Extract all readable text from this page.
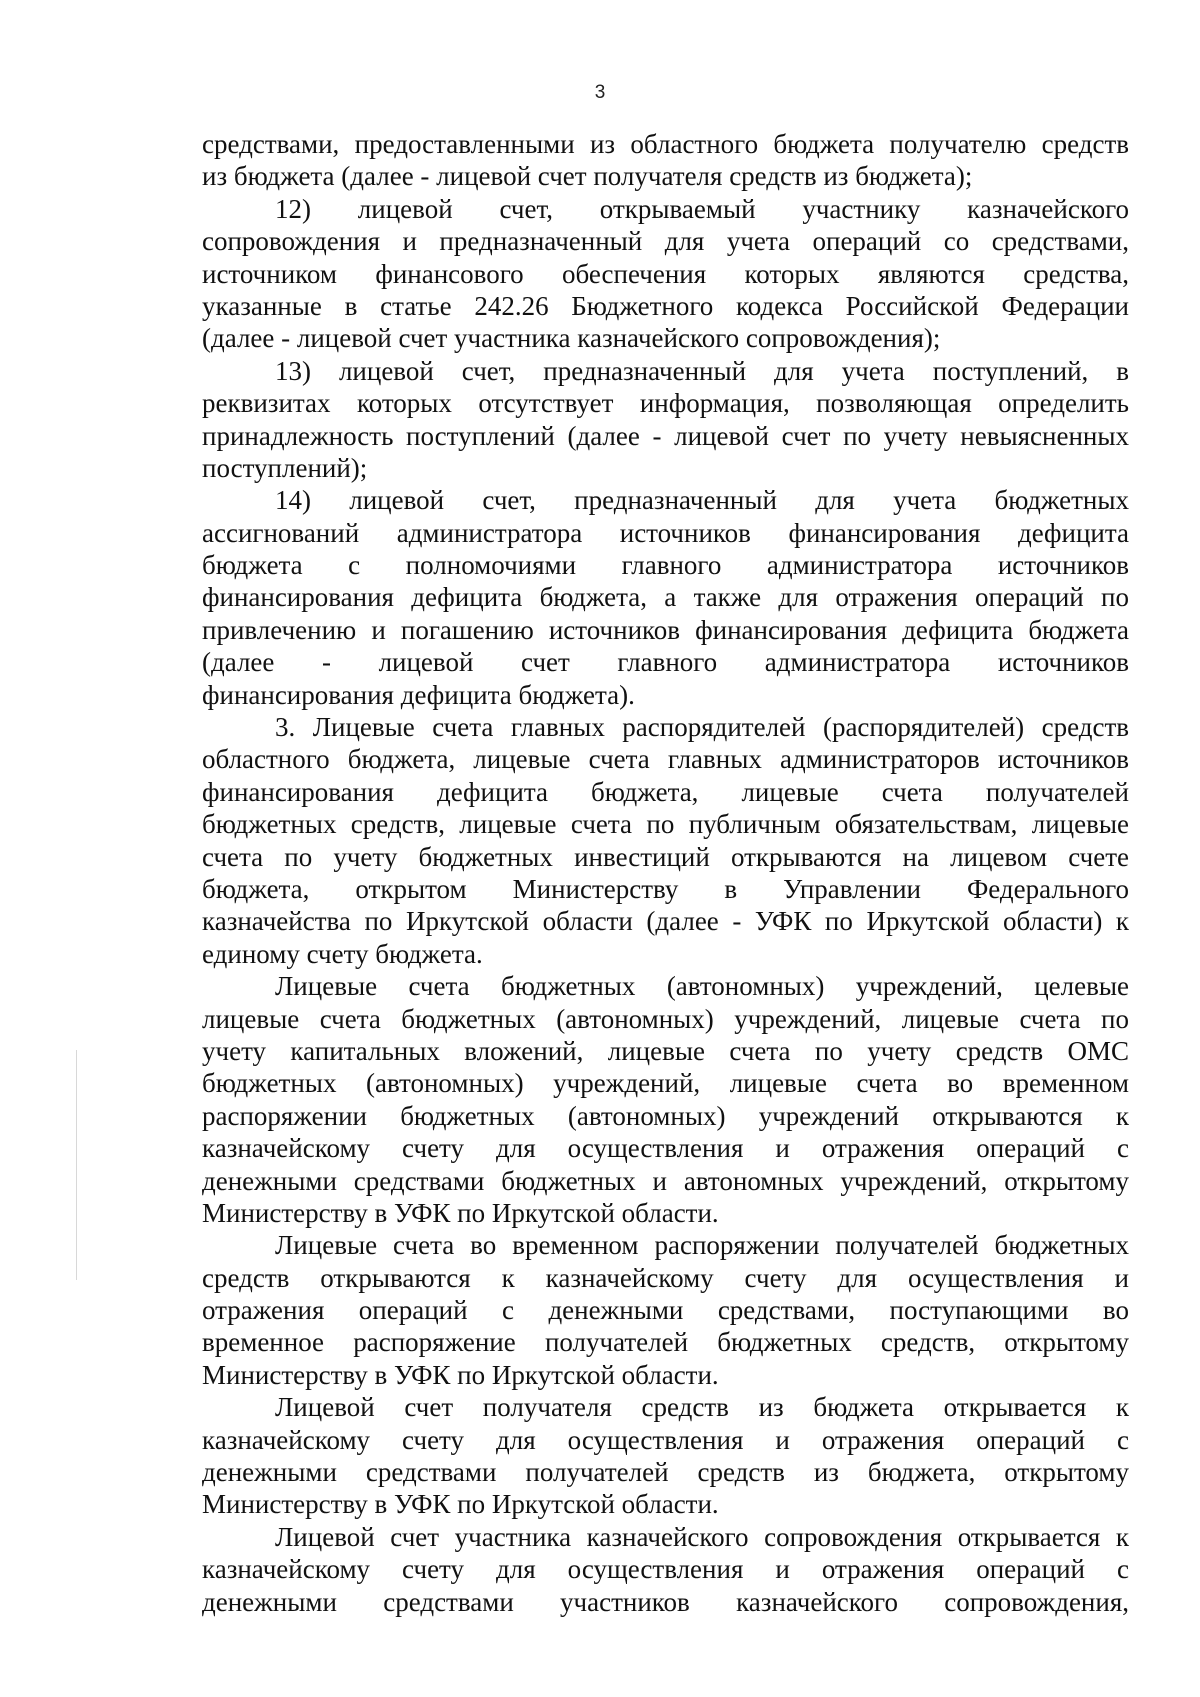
3
средствами, предоставленными из областного бюджета получателю средств
из бюджета (далее - лицевой счет получателя средств из бюджета);
12) лицевой счет, открываемый участнику казначейского
сопровождения и предназначенный для учета операций со средствами,
источником финансового обеспечения которых являются средства,
указанные в статье 242.26 Бюджетного кодекса Российской Федерации
(далее - лицевой счет участника казначейского сопровождения);
13) лицевой счет, предназначенный для учета поступлений, в
реквизитах которых отсутствует информация, позволяющая определить
принадлежность поступлений (далее - лицевой счет по учету невыясненных
поступлений);
14) лицевой счет, предназначенный для учета бюджетных
ассигнований администратора источников финансирования дефицита
бюджета с полномочиями главного администратора источников
финансирования дефицита бюджета, а также для отражения операций по
привлечению и погашению источников финансирования дефицита бюджета
(далее - лицевой счет главного администратора источников
финансирования дефицита бюджета).
3. Лицевые счета главных распорядителей (распорядителей) средств
областного бюджета, лицевые счета главных администраторов источников
финансирования дефицита бюджета, лицевые счета получателей
бюджетных средств, лицевые счета по публичным обязательствам, лицевые
счета по учету бюджетных инвестиций открываются на лицевом счете
бюджета, открытом Министерству в Управлении Федерального
казначейства по Иркутской области (далее - УФК по Иркутской области) к
единому счету бюджета.
Лицевые счета бюджетных (автономных) учреждений, целевые
лицевые счета бюджетных (автономных) учреждений, лицевые счета по
учету капитальных вложений, лицевые счета по учету средств ОМС
бюджетных (автономных) учреждений, лицевые счета во временном
распоряжении бюджетных (автономных) учреждений открываются к
казначейскому счету для осуществления и отражения операций с
денежными средствами бюджетных и автономных учреждений, открытому
Министерству в УФК по Иркутской области.
Лицевые счета во временном распоряжении получателей бюджетных
средств открываются к казначейскому счету для осуществления и
отражения операций с денежными средствами, поступающими во
временное распоряжение получателей бюджетных средств, открытому
Министерству в УФК по Иркутской области.
Лицевой счет получателя средств из бюджета открывается к
казначейскому счету для осуществления и отражения операций с
денежными средствами получателей средств из бюджета, открытому
Министерству в УФК по Иркутской области.
Лицевой счет участника казначейского сопровождения открывается к
казначейскому счету для осуществления и отражения операций с
денежными средствами участников казначейского сопровождения,
